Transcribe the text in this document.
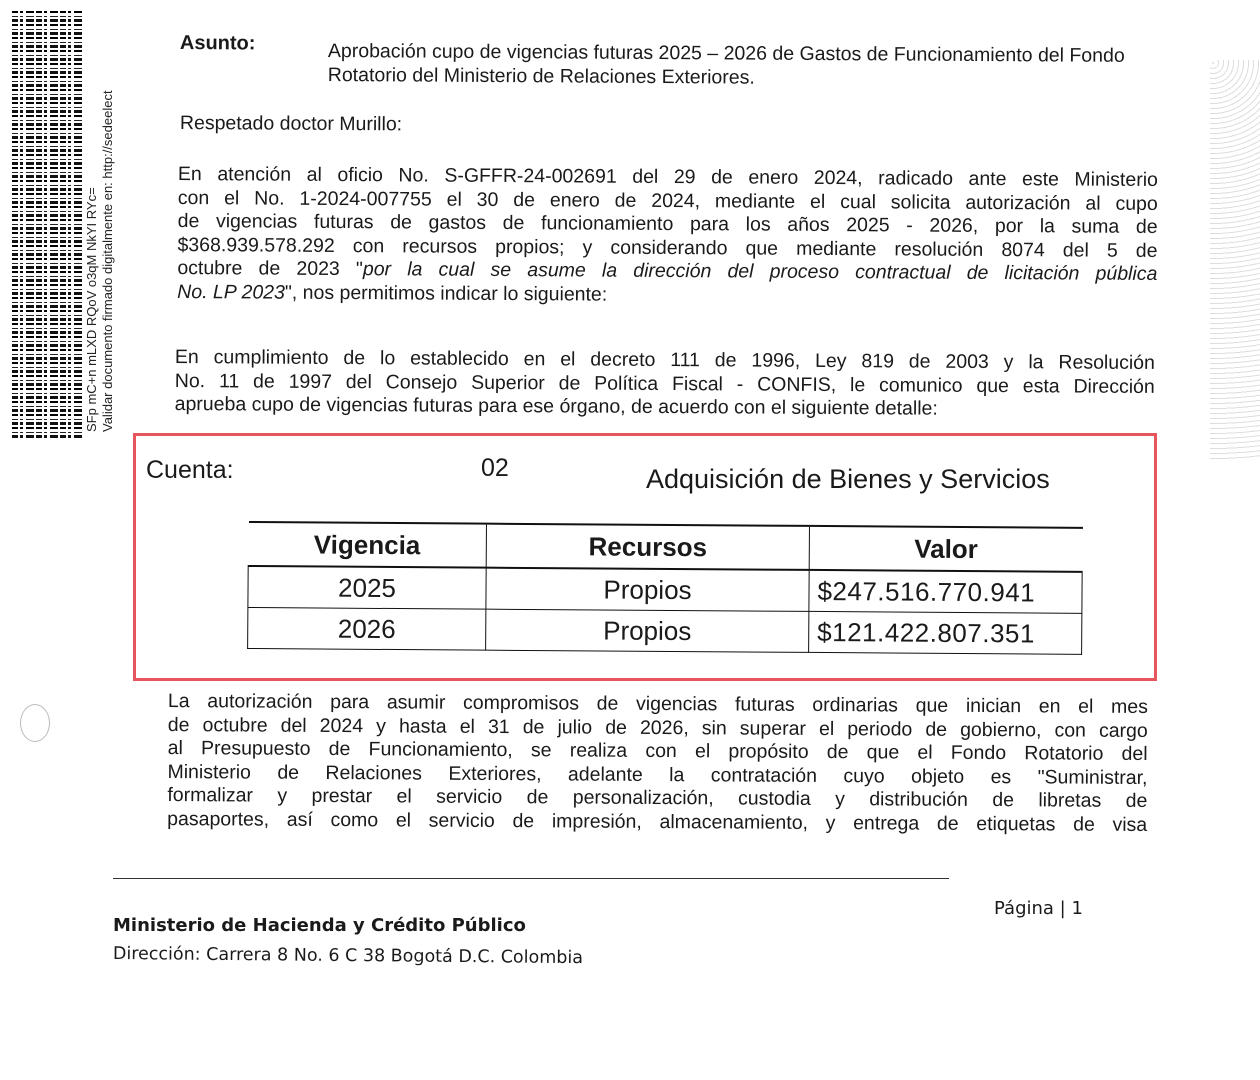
SFp mC+n mLXD RQoV o3qM NkYI RYc= Validar documento firmado digitalmente en: http://sedeelect
Asunto:	Aprobación cupo de vigencias futuras 2025 – 2026 de Gastos de Funcionamiento del Fondo Rotatorio del Ministerio de Relaciones Exteriores.
Respetado doctor Murillo:
En atención al oficio No. S-GFFR-24-002691 del 29 de enero 2024, radicado ante este Ministerio
con el No. 1-2024-007755 el 30 de enero de 2024, mediante el cual solicita autorización al cupo
de vigencias futuras de gastos de funcionamiento para los años 2025 - 2026, por la suma de
$368.939.578.292 con recursos propios; y considerando que mediante resolución 8074 del 5 de
octubre de 2023 "por la cual se asume la dirección del proceso contractual de licitación pública
No. LP 2023", nos permitimos indicar lo siguiente:
En cumplimiento de lo establecido en el decreto 111 de 1996, Ley 819 de 2003 y la Resolución
No. 11 de 1997 del Consejo Superior de Política Fiscal - CONFIS, le comunico que esta Dirección
aprueba cupo de vigencias futuras para ese órgano, de acuerdo con el siguiente detalle:
Cuenta:	02	Adquisición de Bienes y Servicios
Vigencia	Recursos	Valor
2025	Propios	$247.516.770.941
2026	Propios	$121.422.807.351
La autorización para asumir compromisos de vigencias futuras ordinarias que inician en el mes
de octubre del 2024 y hasta el 31 de julio de 2026, sin superar el periodo de gobierno, con cargo
al Presupuesto de Funcionamiento, se realiza con el propósito de que el Fondo Rotatorio del
Ministerio de Relaciones Exteriores, adelante la contratación cuyo objeto es "Suministrar,
formalizar y prestar el servicio de personalización, custodia y distribución de libretas de
pasaportes, así como el servicio de impresión, almacenamiento, y entrega de etiquetas de visa
Página | 1
Ministerio de Hacienda y Crédito Público
Dirección: Carrera 8 No. 6 C 38 Bogotá D.C. Colombia
